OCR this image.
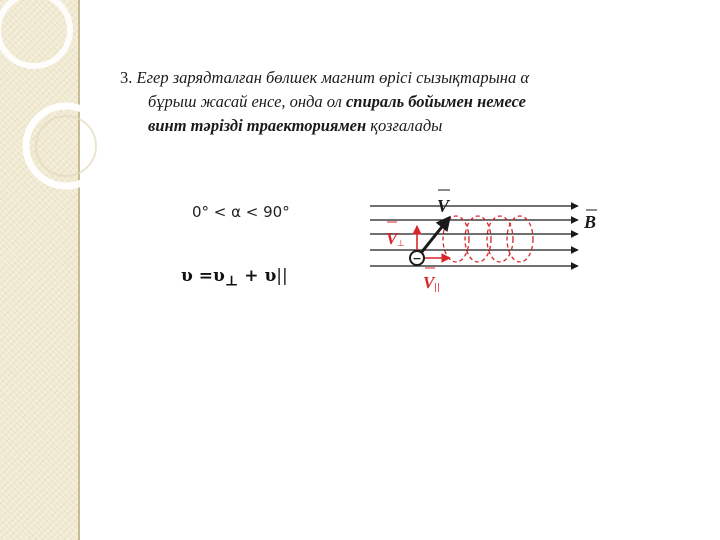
3. Егер зарядталған бөлшек магнит өрісі сызықтарына α
бұрыш жасай енсе, онда ол спираль бойымен немесе
винт тәрізді траекториямен қозғалады
0° < α < 90°
$\upsilon =\upsilon_\perp + \upsilon||$
−
V
B
V ⊥
V ||
